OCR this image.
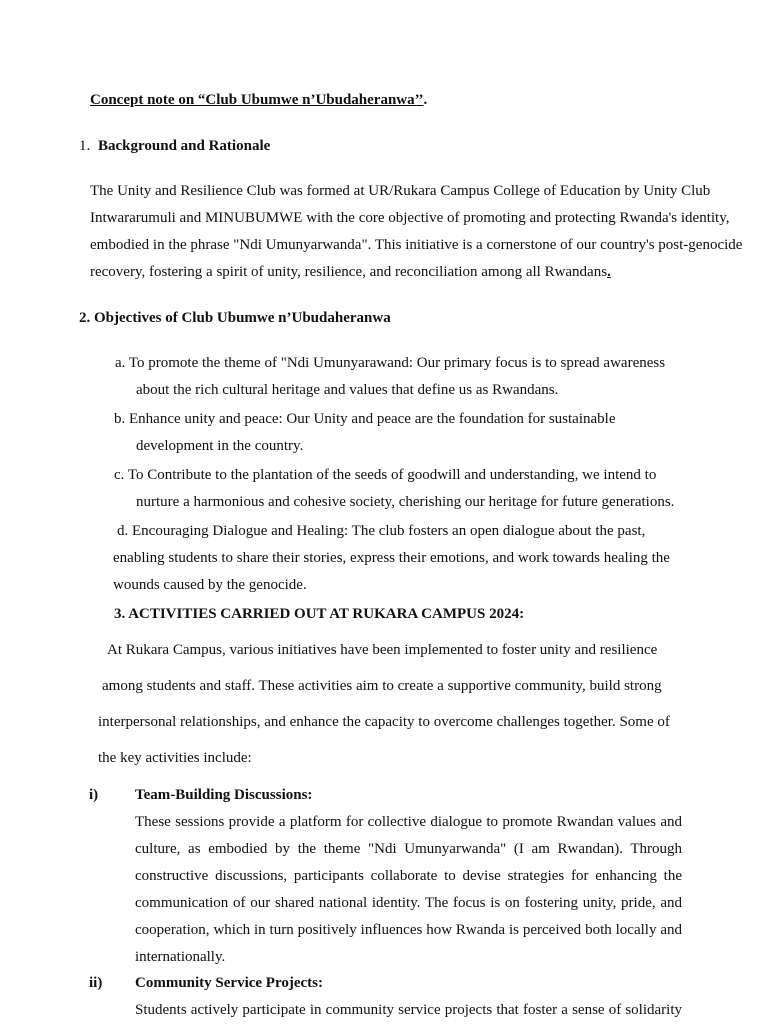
Concept note on “Club Ubumwe n’Ubudaheranwa’’.
1. Background and Rationale
The Unity and Resilience Club was formed at UR/Rukara Campus College of Education by Unity Club
Intwararumuli and MINUBUMWE with the core objective of promoting and protecting Rwanda's identity,
embodied in the phrase "Ndi Umunyarwanda". This initiative is a cornerstone of our country's post-genocide
recovery, fostering a spirit of unity, resilience, and reconciliation among all Rwandans.
2. Objectives of Club Ubumwe n’Ubudaheranwa
a. To promote the theme of "Ndi Umunyarawand: Our primary focus is to spread awareness
about the rich cultural heritage and values that define us as Rwandans.
b. Enhance unity and peace: Our Unity and peace are the foundation for sustainable
development in the country.
c. To Contribute to the plantation of the seeds of goodwill and understanding, we intend to
nurture a harmonious and cohesive society, cherishing our heritage for future generations.
d. Encouraging Dialogue and Healing: The club fosters an open dialogue about the past,
enabling students to share their stories, express their emotions, and work towards healing the
wounds caused by the genocide.
3. ACTIVITIES CARRIED OUT AT RUKARA CAMPUS 2024:
At Rukara Campus, various initiatives have been implemented to foster unity and resilience
among students and staff. These activities aim to create a supportive community, build strong
interpersonal relationships, and enhance the capacity to overcome challenges together. Some of
the key activities include:
i) Team-Building Discussions:
These sessions provide a platform for collective dialogue to promote Rwandan values and
culture, as embodied by the theme "Ndi Umunyarwanda" (I am Rwandan). Through
constructive discussions, participants collaborate to devise strategies for enhancing the
communication of our shared national identity. The focus is on fostering unity, pride, and
cooperation, which in turn positively influences how Rwanda is perceived both locally and
internationally.
ii) Community Service Projects:
Students actively participate in community service projects that foster a sense of solidarity
